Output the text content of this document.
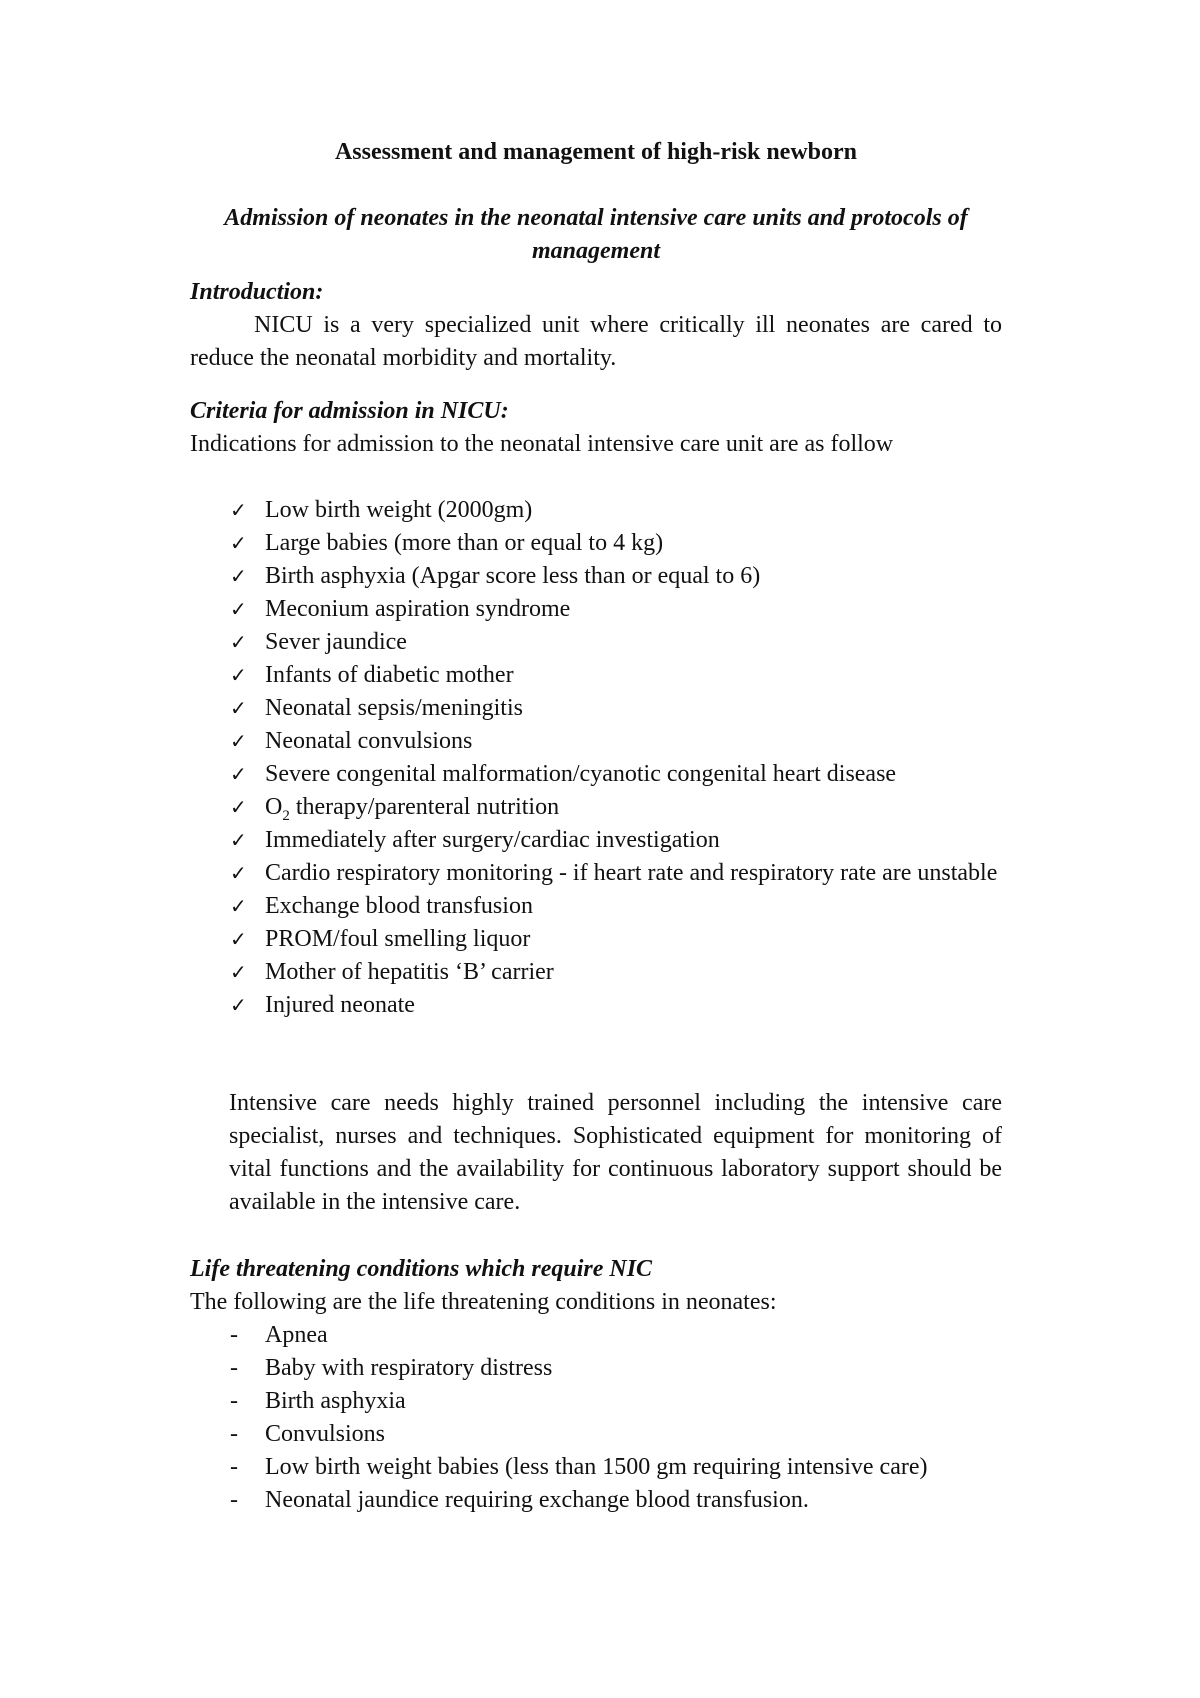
Assessment and management of high-risk newborn
Admission of neonates in the neonatal intensive care units and protocols of management
Introduction:

NICU is a very specialized unit where critically ill neonates are cared to reduce the neonatal morbidity and mortality.

Criteria for admission in NICU:

Indications for admission to the neonatal intensive care unit are as follow

✓ Low birth weight (2000gm)
✓ Large babies (more than or equal to 4 kg)
✓ Birth asphyxia (Apgar score less than or equal to 6)
✓ Meconium aspiration syndrome
✓ Sever jaundice
✓ Infants of diabetic mother
✓ Neonatal sepsis/meningitis
✓ Neonatal convulsions
✓ Severe congenital malformation/cyanotic congenital heart disease
✓ $O_2$ therapy/parenteral nutrition
✓ Immediately after surgery/cardiac investigation
✓ Cardio respiratory monitoring - if heart rate and respiratory rate are unstable
✓ Exchange blood transfusion
✓ PROM/foul smelling liquor
✓ Mother of hepatitis ‘B’ carrier
✓ Injured neonate

Intensive care needs highly trained personnel including the intensive care specialist, nurses and techniques. Sophisticated equipment for monitoring of vital functions and the availability for continuous laboratory support should be available in the intensive care.

Life threatening conditions which require NIC

The following are the life threatening conditions in neonates:

-	Apnea
-	Baby with respiratory distress
-	Birth asphyxia
-	Convulsions
-	Low birth weight babies (less than 1500 gm requiring intensive care)
-	Neonatal jaundice requiring exchange blood transfusion.
